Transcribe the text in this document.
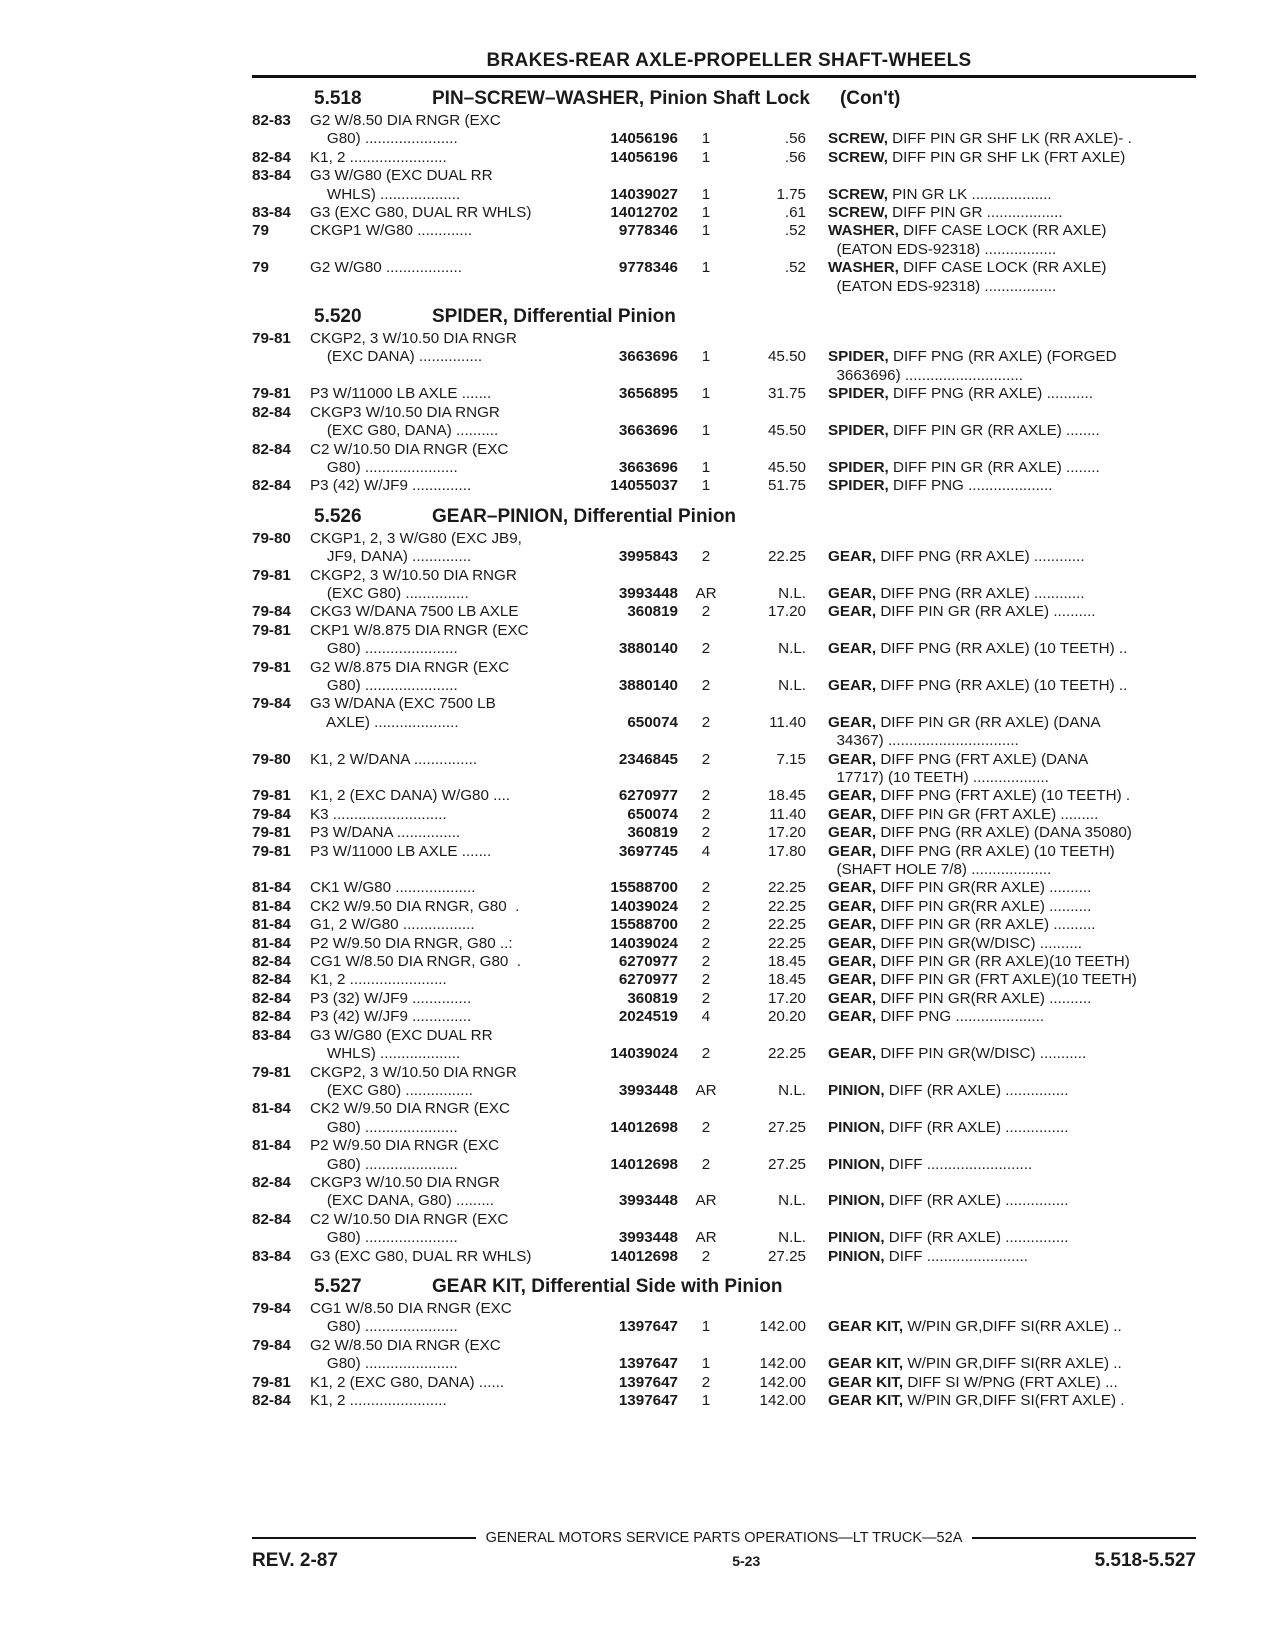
BRAKES-REAR AXLE-PROPELLER SHAFT-WHEELS
5.518	PIN–SCREW–WASHER, Pinion Shaft Lock (Con't)
82-83	G2 W/8.50 DIA RNGR (EXC
G80) ......................	14056196	1	.56 SCREW, DIFF PIN GR SHF LK (RR AXLE)- .
82-84	K1, 2 .......................	14056196	1	.56 SCREW, DIFF PIN GR SHF LK (FRT AXLE)
83-84	G3 W/G80 (EXC DUAL RR
WHLS) ...................	14039027	1	1.75 SCREW, PIN GR LK ...................
83-84	G3 (EXC G80, DUAL RR WHLS)	14012702	1	.61 SCREW, DIFF PIN GR ..................
79	CKGP1 W/G80 .............	9778346	1	.52 WASHER, DIFF CASE LOCK (RR AXLE)
(EATON EDS-92318) .................
79	G2 W/G80 ..................	9778346	1	.52 WASHER, DIFF CASE LOCK (RR AXLE)
(EATON EDS-92318) .................
5.520	SPIDER, Differential Pinion
79-81	CKGP2, 3 W/10.50 DIA RNGR
(EXC DANA) ...............	3663696	1	45.50 SPIDER, DIFF PNG (RR AXLE) (FORGED
3663696) ............................
79-81	P3 W/11000 LB AXLE .......	3656895	1	31.75 SPIDER, DIFF PNG (RR AXLE) ...........
82-84	CKGP3 W/10.50 DIA RNGR
(EXC G80, DANA) ..........	3663696	1	45.50 SPIDER, DIFF PIN GR (RR AXLE) ........
82-84	C2 W/10.50 DIA RNGR (EXC
G80) ......................	3663696	1	45.50 SPIDER, DIFF PIN GR (RR AXLE) ........
82-84	P3 (42) W/JF9 ..............	14055037	1	51.75 SPIDER, DIFF PNG ....................
5.526	GEAR–PINION, Differential Pinion
79-80	CKGP1, 2, 3 W/G80 (EXC JB9,
JF9, DANA) ..............	3995843	2	22.25 GEAR, DIFF PNG (RR AXLE) ............
79-81	CKGP2, 3 W/10.50 DIA RNGR
(EXC G80) ...............	3993448	AR	N.L. GEAR, DIFF PNG (RR AXLE) ............
79-84	CKG3 W/DANA 7500 LB AXLE	360819	2	17.20 GEAR, DIFF PIN GR (RR AXLE) ..........
79-81	CKP1 W/8.875 DIA RNGR (EXC
G80) ......................	3880140	2	N.L. GEAR, DIFF PNG (RR AXLE) (10 TEETH) ..
79-81	G2 W/8.875 DIA RNGR (EXC
G80) ......................	3880140	2	N.L. GEAR, DIFF PNG (RR AXLE) (10 TEETH) ..
79-84	G3 W/DANA (EXC 7500 LB
AXLE) ....................	650074	2	11.40 GEAR, DIFF PIN GR (RR AXLE) (DANA
34367) ...............................
79-80	K1, 2 W/DANA ...............	2346845	2	7.15 GEAR, DIFF PNG (FRT AXLE) (DANA
17717) (10 TEETH) ..................
79-81	K1, 2 (EXC DANA) W/G80 ....	6270977	2	18.45 GEAR, DIFF PNG (FRT AXLE) (10 TEETH) .
79-84	K3 ...........................	650074	2	11.40 GEAR, DIFF PIN GR (FRT AXLE) .........
79-81	P3 W/DANA ...............	360819	2	17.20 GEAR, DIFF PNG (RR AXLE) (DANA 35080)
79-81	P3 W/11000 LB AXLE .......	3697745	4	17.80 GEAR, DIFF PNG (RR AXLE) (10 TEETH)
(SHAFT HOLE 7/8) ...................
81-84	CK1 W/G80 ...................	15588700	2	22.25 GEAR, DIFF PIN GR(RR AXLE) ..........
81-84	CK2 W/9.50 DIA RNGR, G80  .	14039024	2	22.25 GEAR, DIFF PIN GR(RR AXLE) ..........
81-84	G1, 2 W/G80 .................	15588700	2	22.25 GEAR, DIFF PIN GR (RR AXLE) ..........
81-84	P2 W/9.50 DIA RNGR, G80 ..:	14039024	2	22.25 GEAR, DIFF PIN GR(W/DISC) ..........
82-84	CG1 W/8.50 DIA RNGR, G80  .	6270977	2	18.45 GEAR, DIFF PIN GR (RR AXLE)(10 TEETH)
82-84	K1, 2 .......................	6270977	2	18.45 GEAR, DIFF PIN GR (FRT AXLE)(10 TEETH)
82-84	P3 (32) W/JF9 ..............	360819	2	17.20 GEAR, DIFF PIN GR(RR AXLE) ..........
82-84	P3 (42) W/JF9 ..............	2024519	4	20.20 GEAR, DIFF PNG .....................
83-84	G3 W/G80 (EXC DUAL RR
WHLS) ...................	14039024	2	22.25 GEAR, DIFF PIN GR(W/DISC) ...........
79-81	CKGP2, 3 W/10.50 DIA RNGR
(EXC G80) ................	3993448	AR	N.L. PINION, DIFF (RR AXLE) ...............
81-84	CK2 W/9.50 DIA RNGR (EXC
G80) ......................	14012698	2	27.25 PINION, DIFF (RR AXLE) ...............
81-84	P2 W/9.50 DIA RNGR (EXC
G80) ......................	14012698	2	27.25 PINION, DIFF .........................
82-84	CKGP3 W/10.50 DIA RNGR
(EXC DANA, G80) .........	3993448	AR	N.L. PINION, DIFF (RR AXLE) ...............
82-84	C2 W/10.50 DIA RNGR (EXC
G80) ......................	3993448	AR	N.L. PINION, DIFF (RR AXLE) ...............
83-84	G3 (EXC G80, DUAL RR WHLS)	14012698	2	27.25 PINION, DIFF ........................
5.527	GEAR KIT, Differential Side with Pinion
79-84	CG1 W/8.50 DIA RNGR (EXC
G80) ......................	1397647	1	142.00 GEAR KIT, W/PIN GR,DIFF SI(RR AXLE) ..
79-84	G2 W/8.50 DIA RNGR (EXC
G80) ......................	1397647	1	142.00 GEAR KIT, W/PIN GR,DIFF SI(RR AXLE) ..
79-81	K1, 2 (EXC G80, DANA) ......	1397647	2	142.00 GEAR KIT, DIFF SI W/PNG (FRT AXLE) ...
82-84	K1, 2 .......................	1397647	1	142.00 GEAR KIT, W/PIN GR,DIFF SI(FRT AXLE) .
GENERAL MOTORS SERVICE PARTS OPERATIONS—LT TRUCK—52A
REV. 2-87	5-23	5.518-5.527
